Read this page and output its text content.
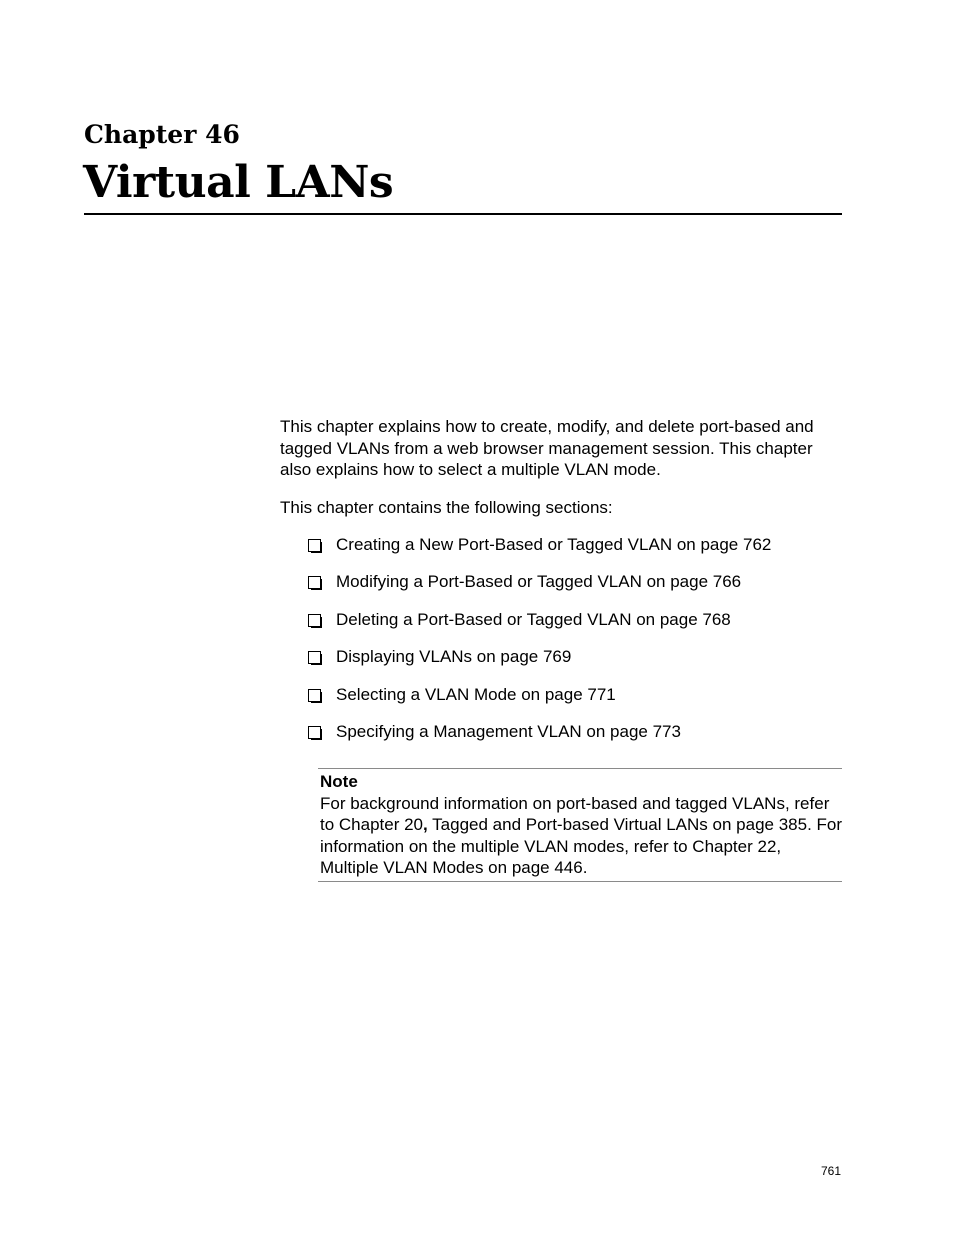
Chapter 46
Virtual LANs

This chapter explains how to create, modify, and delete port-based and tagged VLANs from a web browser management session. This chapter also explains how to select a multiple VLAN mode.

This chapter contains the following sections:

Creating a New Port-Based or Tagged VLAN on page 762
Modifying a Port-Based or Tagged VLAN on page 766
Deleting a Port-Based or Tagged VLAN on page 768
Displaying VLANs on page 769
Selecting a VLAN Mode on page 771
Specifying a Management VLAN on page 773
Note

For background information on port-based and tagged VLANs, refer to Chapter 20, Tagged and Port-based Virtual LANs on page 385. For information on the multiple VLAN modes, refer to Chapter 22, Multiple VLAN Modes on page 446.

761
